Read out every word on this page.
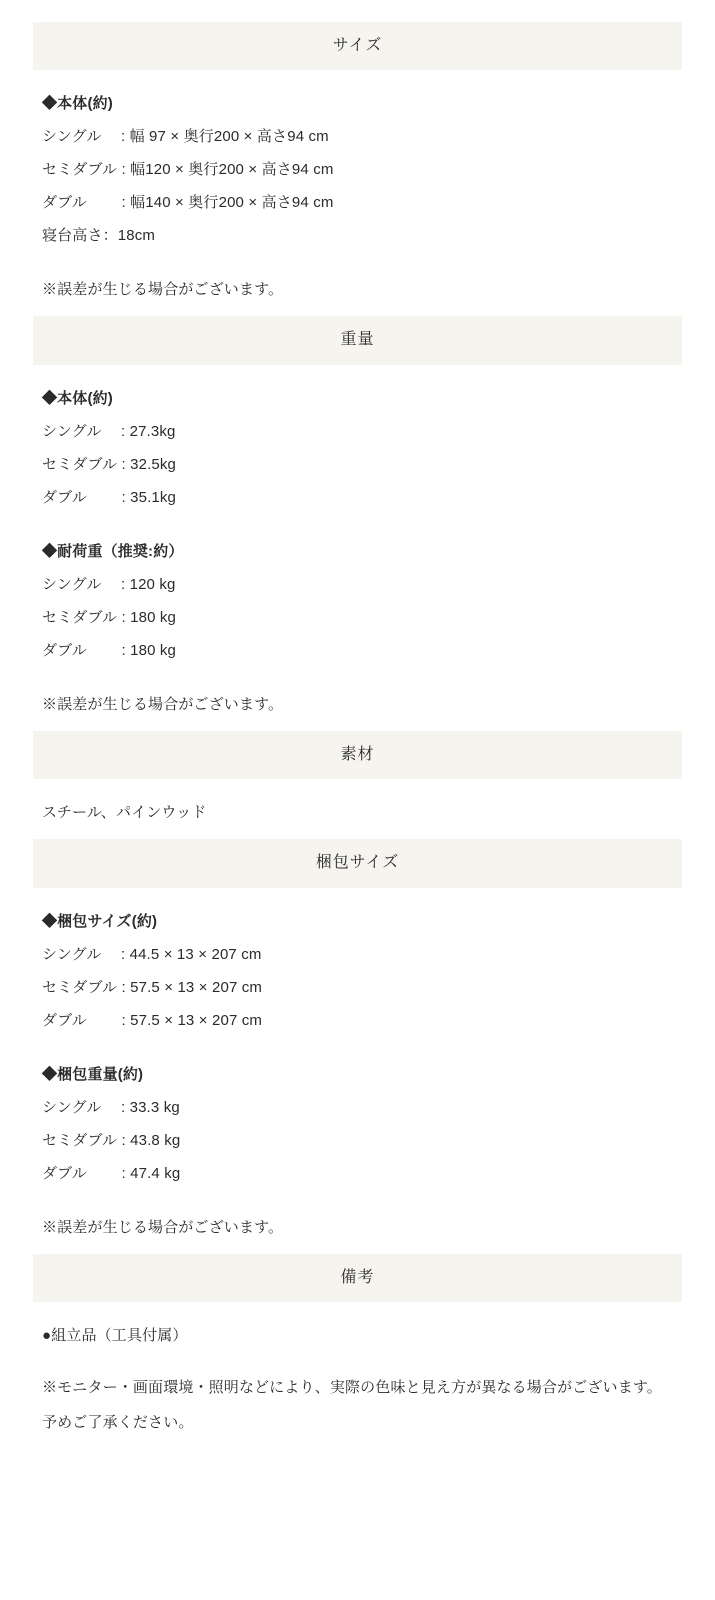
サイズ
◆本体(約)
シングル　 : 幅 97 × 奥行200 × 高さ94 cm
セミダブル : 幅120 × 奥行200 × 高さ94 cm
ダブル　　 : 幅140 × 奥行200 × 高さ94 cm
寝台高さ：18cm
※誤差が生じる場合がございます。
重量
◆本体(約)
シングル　 : 27.3kg
セミダブル : 32.5kg
ダブル　　 : 35.1kg
◆耐荷重（推奨:約）
シングル　 : 120 kg
セミダブル : 180 kg
ダブル　　 : 180 kg
※誤差が生じる場合がございます。
素材
スチール、パインウッド
梱包サイズ
◆梱包サイズ(約)
シングル　 : 44.5 × 13 × 207 cm
セミダブル : 57.5 × 13 × 207 cm
ダブル　　 : 57.5 × 13 × 207 cm
◆梱包重量(約)
シングル　 : 33.3 kg
セミダブル : 43.8 kg
ダブル　　 : 47.4 kg
※誤差が生じる場合がございます。
備考
●組立品（工具付属）
※モニター・画面環境・照明などにより、実際の色味と見え方が異なる場合がございます。予めご了承ください。
